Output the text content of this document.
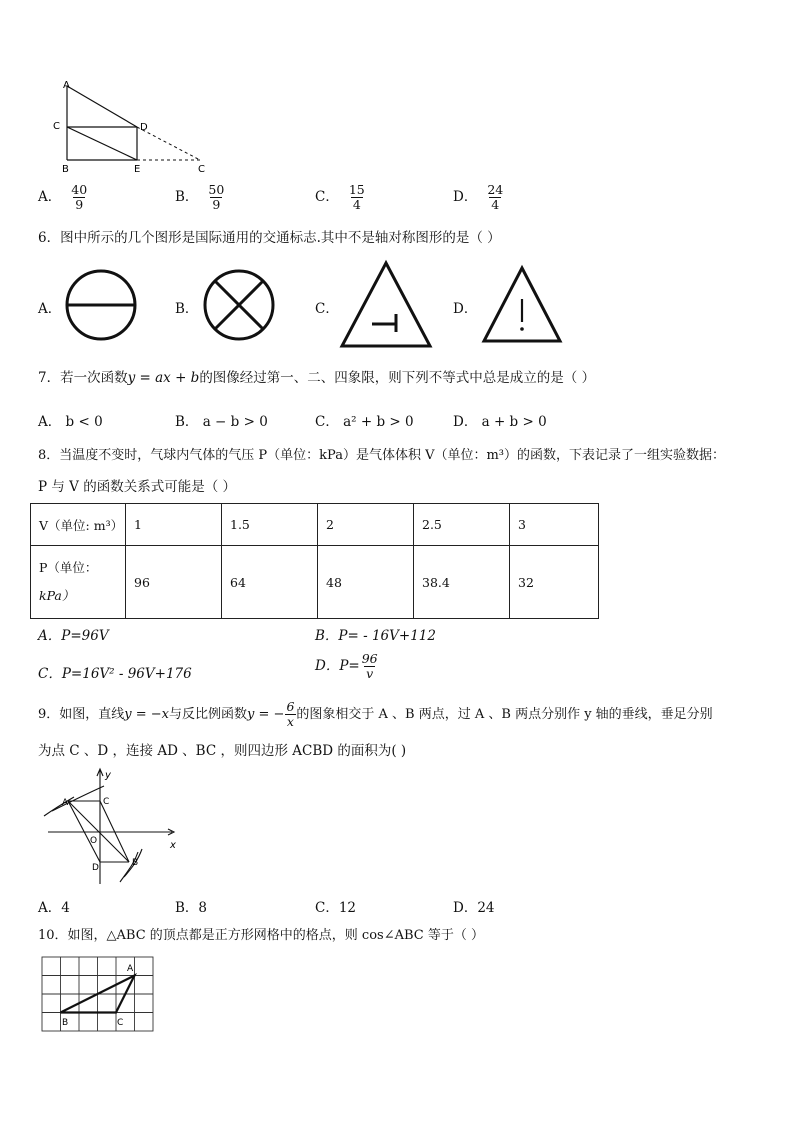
A
C	D
B	E	C
A． $\frac{40}{9}$	B． $\frac{50}{9}$	C． $\frac{15}{4}$	D． $\frac{24}{4}$
6．图中所示的几个图形是国际通用的交通标志.其中不是轴对称图形的是（ ）
A．	B．	C．	D．
7．若一次函数y = ax + b的图像经过第一、二、四象限，则下列不等式中总是成立的是（ ）
A． b < 0	B． a − b > 0	C． a² + b > 0	D． a + b > 0
8．当温度不变时，气球内气体的气压 P（单位：kPa）是气体体积 V（单位：m³）的函数，下表记录了一组实验数据：
P 与 V 的函数关系式可能是（ ）
V（单位: m³）	1	1.5	2	2.5	3

P（单位：
kPa）	96	64	48	38.4	32
A．P=96V	B．P= - 16V+112
C．P=16V² - 96V+176	D．$P= \frac{96}{v}$
9．如图，直线y = −x与反比例函数y = − $\frac{6}{x}$ 的图象相交于 A 、B 两点，过 A 、B 两点分别作 y 轴的垂线，垂足分别
为点 C 、D ，连接 AD 、BC ，则四边形 ACBD 的面积为( )
y
x
A	C
O
D	B
A．4	B．8	C．12	D．24
10．如图，△ABC 的顶点都是正方形网格中的格点，则 cos∠ABC 等于（ ）
A
B	C
